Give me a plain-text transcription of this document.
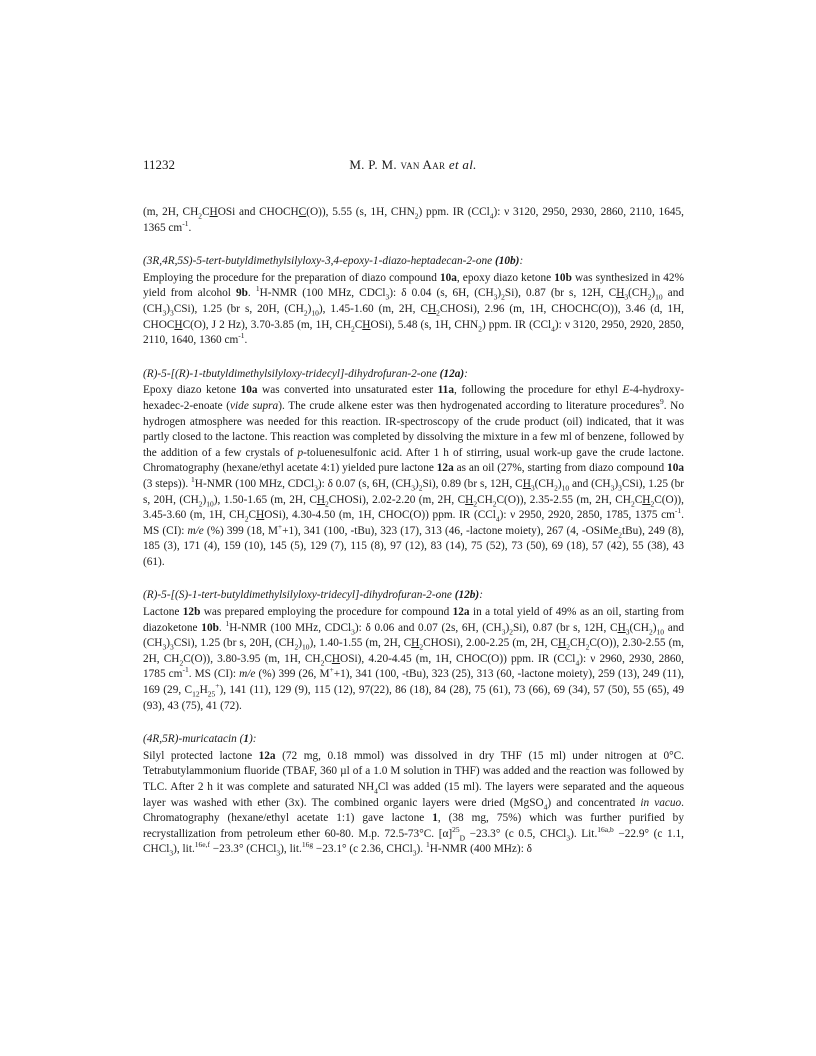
11232	M. P. M. van Aar et al.

(m, 2H, $CH_2CHOSi$ and CHOCHC(O)), 5.55 (s, 1H, $CHN_2$) ppm. IR (CCl$_4$): ν 3120, 2950, 2930, 2860, 2110, 1645, 1365 $cm^{-1}$.

(3R,4R,5S)-5-tert-butyldimethylsilyloxy-3,4-epoxy-1-diazo-heptadecan-2-one (10b):

Employing the procedure for the preparation of diazo compound 10a, epoxy diazo ketone 10b was synthesized in 42% yield from alcohol 9b. $^1$H-NMR (100 MHz, CDCl$_3$): δ 0.04 (s, 6H, $(CH_3)_2Si$), 0.87 (br s, 12H, $CH_3(CH_2)_{10}$ and $(CH_3)_3CSi$), 1.25 (br s, 20H, $(CH_2)_{10}$), 1.45-1.60 (m, 2H, $CH_2CHOSi$), 2.96 (m, 1H, CHOCHC(O)), 3.46 (d, 1H, CHOCHC(O), J 2 Hz), 3.70-3.85 (m, 1H, $CH_2CHOSi$), 5.48 (s, 1H, $CHN_2$) ppm. IR (CCl$_4$): ν 3120, 2950, 2920, 2850, 2110, 1640, 1360 $cm^{-1}$.

(R)-5-[(R)-1-tbutyldimethylsilyloxy-tridecyl]-dihydrofuran-2-one (12a):

Epoxy diazo ketone 10a was converted into unsaturated ester 11a, following the procedure for ethyl E-4-hydroxy-hexadec-2-enoate (vide supra). The crude alkene ester was then hydrogenated according to literature procedures$^9$. No hydrogen atmosphere was needed for this reaction. IR-spectroscopy of the crude product (oil) indicated, that it was partly closed to the lactone. This reaction was completed by dissolving the mixture in a few ml of benzene, followed by the addition of a few crystals of p-toluenesulfonic acid. After 1 h of stirring, usual work-up gave the crude lactone. Chromatography (hexane/ethyl acetate 4:1) yielded pure lactone 12a as an oil (27%, starting from diazo compound 10a (3 steps)). $^1$H-NMR (100 MHz, CDCl$_3$): δ 0.07 (s, 6H, $(CH_3)_2Si$), 0.89 (br s, 12H, $CH_3(CH_2)_{10}$ and $(CH_3)_3CSi$), 1.25 (br s, 20H, $(CH_2)_{10}$), 1.50-1.65 (m, 2H, $CH_2CHOSi$), 2.02-2.20 (m, 2H, $CH_2CH_2C(O)$), 2.35-2.55 (m, 2H, $CH_2CH_2C(O)$), 3.45-3.60 (m, 1H, $CH_2CHOSi$), 4.30-4.50 (m, 1H, CHOC(O)) ppm. IR (CCl$_4$): ν 2950, 2920, 2850, 1785, 1375 $cm^{-1}$. MS (CI): m/e (%) 399 (18, M++1), 341 (100, -tBu), 323 (17), 313 (46, -lactone moiety), 267 (4, -OSiMe$_2$tBu), 249 (8), 185 (3), 171 (4), 159 (10), 145 (5), 129 (7), 115 (8), 97 (12), 83 (14), 75 (52), 73 (50), 69 (18), 57 (42), 55 (38), 43 (61).

(R)-5-[(S)-1-tert-butyldimethylsilyloxy-tridecyl]-dihydrofuran-2-one (12b):

Lactone 12b was prepared employing the procedure for compound 12a in a total yield of 49% as an oil, starting from diazoketone 10b. $^1$H-NMR (100 MHz, CDCl$_3$): δ 0.06 and 0.07 (2s, 6H, $(CH_3)_2Si$), 0.87 (br s, 12H, $CH_3(CH_2)_{10}$ and $(CH_3)_3CSi$), 1.25 (br s, 20H, $(CH_2)_{10}$), 1.40-1.55 (m, 2H, $CH_2CHOSi$), 2.00-2.25 (m, 2H, $CH_2CH_2C(O)$), 2.30-2.55 (m, 2H, $CH_2C(O)$), 3.80-3.95 (m, 1H, $CH_2CHOSi$), 4.20-4.45 (m, 1H, CHOC(O)) ppm. IR (CCl$_4$): ν 2960, 2930, 2860, 1785 $cm^{-1}$. MS (CI): m/e (%) 399 (26, M++1), 341 (100, -tBu), 323 (25), 313 (60, -lactone moiety), 259 (13), 249 (11), 169 (29, $C_{12}H_{25}^+$), 141 (11), 129 (9), 115 (12), 97(22), 86 (18), 84 (28), 75 (61), 73 (66), 69 (34), 57 (50), 55 (65), 49 (93), 43 (75), 41 (72).

(4R,5R)-muricatacin (1):

Silyl protected lactone 12a (72 mg, 0.18 mmol) was dissolved in dry THF (15 ml) under nitrogen at 0°C. Tetrabutylammonium fluoride (TBAF, 360 µl of a 1.0 M solution in THF) was added and the reaction was followed by TLC. After 2 h it was complete and saturated $NH_4Cl$ was added (15 ml). The layers were separated and the aqueous layer was washed with ether (3x). The combined organic layers were dried (MgSO$_4$) and concentrated in vacuo. Chromatography (hexane/ethyl acetate 1:1) gave lactone 1, (38 mg, 75%) which was further purified by recrystallization from petroleum ether 60-80. M.p. 72.5-73°C. $[\alpha]^{25}_D -23.3^\circ$ (c 0.5, CHCl$_3$). Lit.$^{16a,b}$ −22.9° (c 1.1, CHCl$_3$), lit.$^{16e,f}$ −23.3° (CHCl$_3$), lit.$^{16g}$ −23.1° (c 2.36, CHCl$_3$). $^1$H-NMR (400 MHz): δ
